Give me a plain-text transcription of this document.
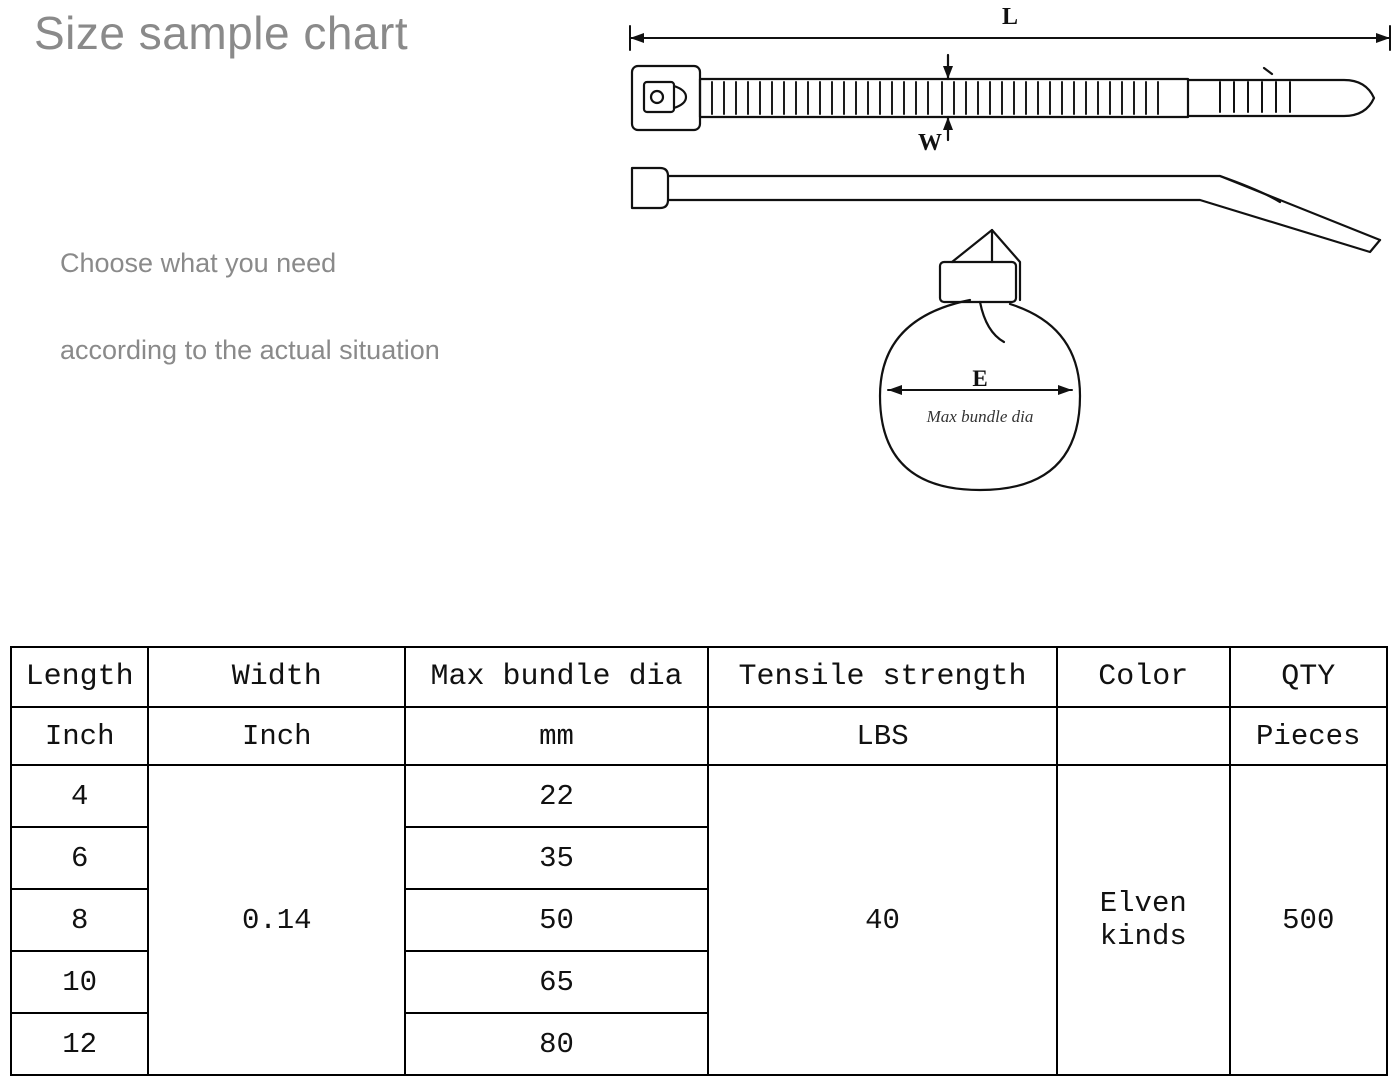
Size sample chart
Choose what you need
according to the actual situation
L
W
E
Max bundle dia
Length	Width	Max bundle dia	Tensile strength	Color	QTY
Inch	Inch	mm	LBS		Pieces
4	0.14	22	40	Elven kinds	500
6		35			
8		50			
10		65			
12		80			
